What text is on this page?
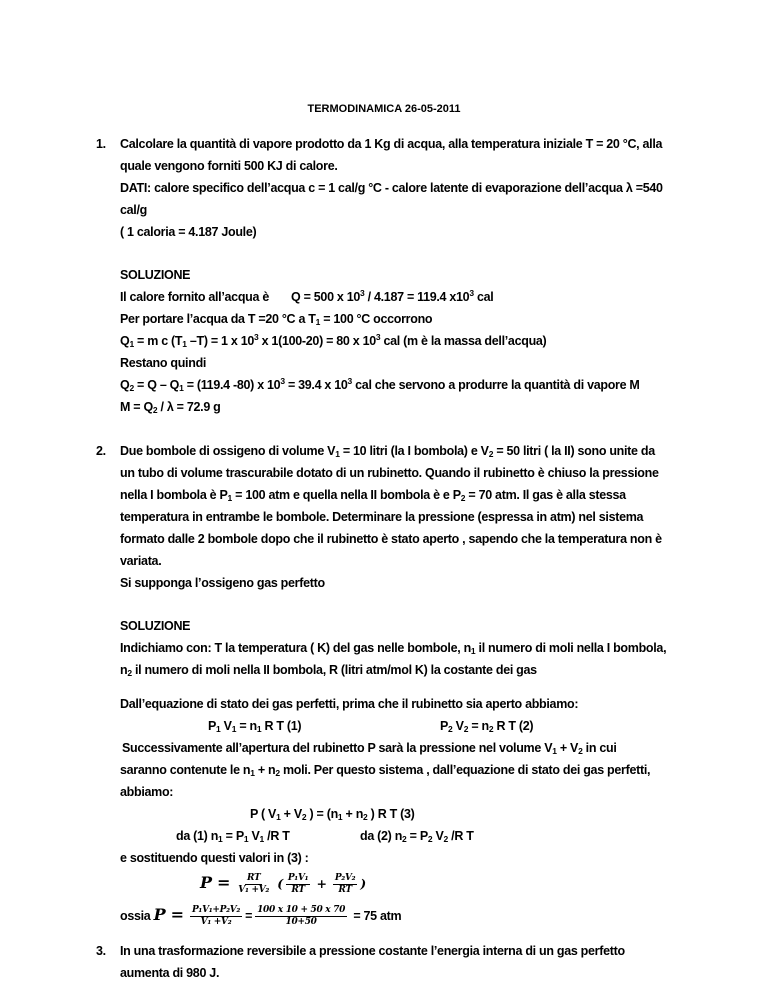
TERMODINAMICA 26-05-2011
1. Calcolare la quantità di vapore prodotto da 1 Kg di acqua, alla temperatura iniziale T = 20 °C, alla
quale vengono forniti 500 KJ di calore.
DATI: calore specifico dell’acqua c = 1 cal/g °C - calore latente di evaporazione dell’acqua λ =540
cal/g
( 1 caloria = 4.187 Joule)
SOLUZIONE
Il calore fornito all’acqua è Q = 500 x $10^3 / 4.187 = 119.4$ $x10^3$ cal
Per portare l’acqua da T =20 °C a $T_1 = 100$ °C occorrono
$Q_1 = m$ c ($T_1$ –T) = 1 x $10^3$ x 1(100-20) = 80 x $10^3$ cal (m è la massa dell’acqua)
Restano quindi
$Q_2 = Q - Q_1 = (119.4$ -80) x $10^3 = 39.4$ x $10^3$ cal che servono a produrre la quantità di vapore M
$M = Q_2 / \lambda = 72.9$ g
2. Due bombole di ossigeno di volume $V_1 = 10$ litri (la I bombola) e $V_2 = 50$ litri ( la II) sono unite da
un tubo di volume trascurabile dotato di un rubinetto. Quando il rubinetto è chiuso la pressione
nella I bombola è $P_1 = 100$ atm e quella nella II bombola è e $P_2 = 70$ atm. Il gas è alla stessa
temperatura in entrambe le bombole. Determinare la pressione (espressa in atm) nel sistema
formato dalle 2 bombole dopo che il rubinetto è stato aperto , sapendo che la temperatura non è
variata.
Si supponga l’ossigeno gas perfetto
SOLUZIONE
Indichiamo con: T la temperatura ( K) del gas nelle bombole, $n_1$ il numero di moli nella I bombola,
$n_2$ il numero di moli nella II bombola, R (litri atm/mol K) la costante dei gas
Dall’equazione di stato dei gas perfetti, prima che il rubinetto sia aperto abbiamo:
$P_1$ $V_1 = n_1$ R T (1)	$P_2$ $V_2 = n_2$ R T (2)
Successivamente all’apertura del rubinetto P sarà la pressione nel volume $V_1 + V_2$ in cui
saranno contenute le $n_1 + n_2$ moli. Per questo sistema , dall’equazione di stato dei gas perfetti,
abbiamo:
P ( $V_1 + V_2$ ) = ($n_1 + n_2$ ) R T (3)
da (1) $n_1 = P_1$ $V_1$ /R T	da (2) $n_2 = P_2$ $V_2$ /R T
e sostituendo questi valori in (3) :
$P = \frac{RT}{\text{V₁ +V₂}}$ ( $\frac{\text{P₁V₁}}{RT} + \frac{\text{P₂V₂}}{RT}$ )
ossia $P = \frac{\text{P₁V₁+P₂V₂}}{\text{V₁ +V₂}} = \frac{100 x 10 + 50 x 70}{10+50} = 75$ atm
3. In una trasformazione reversibile a pressione costante l’energia interna di un gas perfetto
aumenta di 980 J.
